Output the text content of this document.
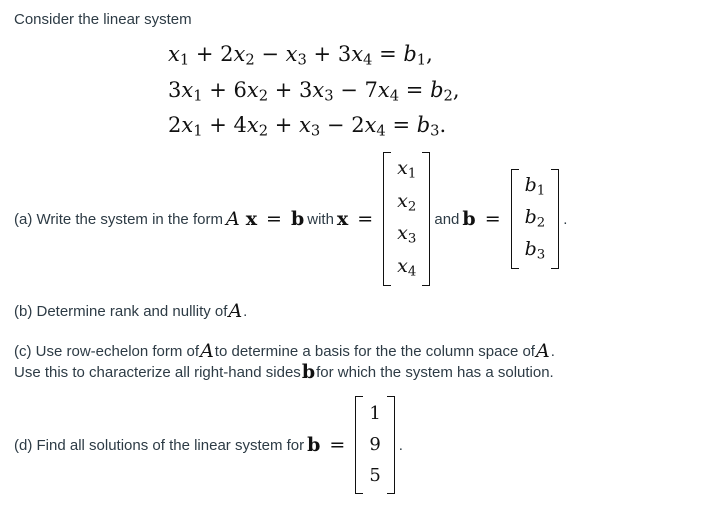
Consider the linear system
$x_1 + 2x_2 - x_3 + 3x_4 = b_1$,
$3x_1 + 6x_2 + 3x_3 - 7x_4 = b_2$,
$2x_1 + 4x_2 + x_3 - 2x_4 = b_3$.
(a) Write the system in the form A x = b with x =
$x_1$
$x_2$
$x_3$
$x_4$
and b =
$b_1$
$b_2$
$b_3$
.
(b) Determine rank and nullity of A .
(c) Use row-echelon form of A to determine a basis for the the column space of A .
Use this to characterize all right-hand sides b for which the system has a solution.
(d) Find all solutions of the linear system for b =
1
9
5
.
